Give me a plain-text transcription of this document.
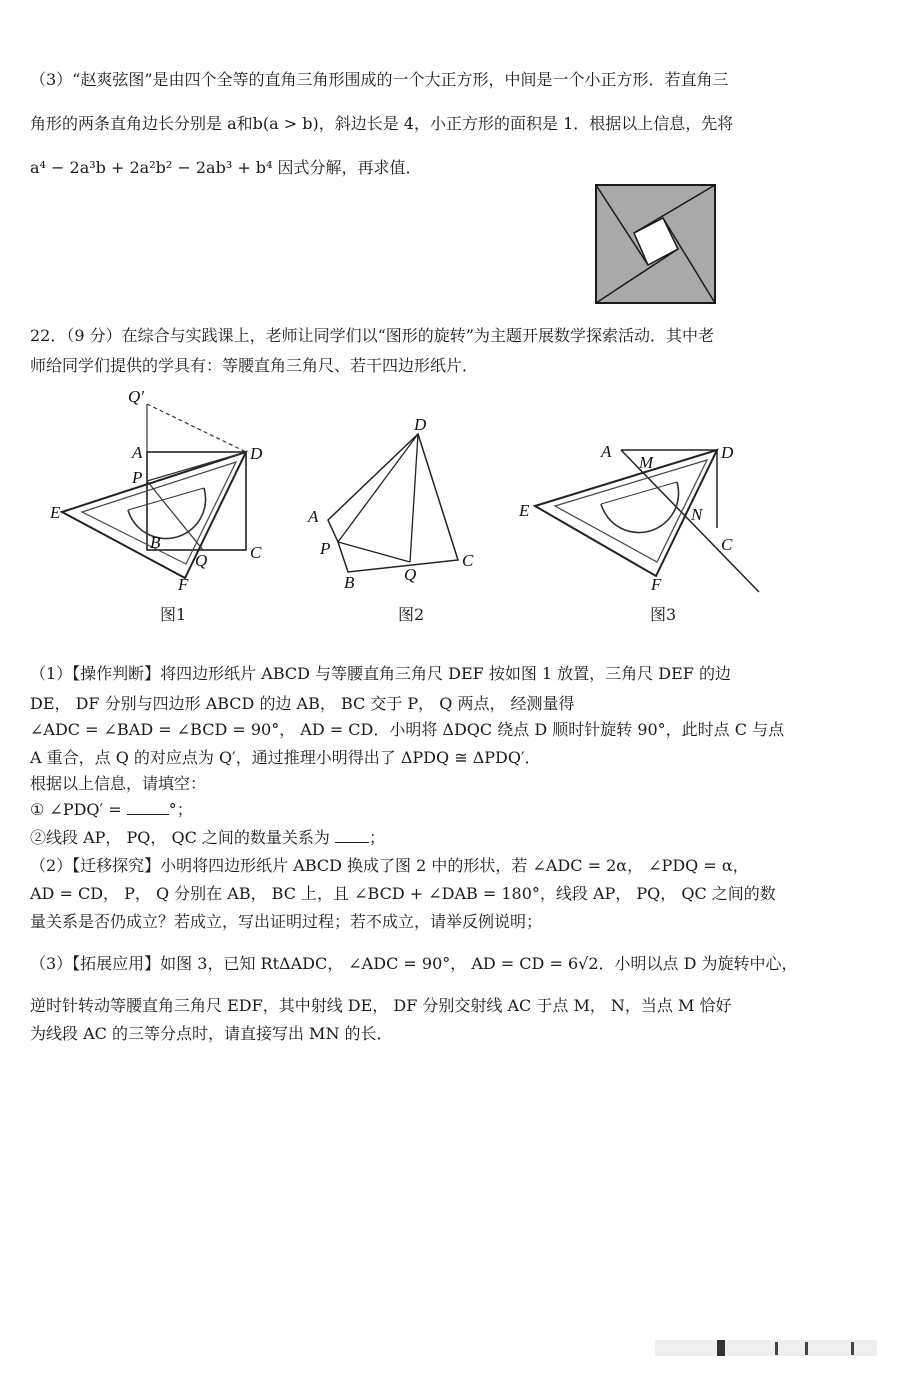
（3）“赵爽弦图”是由四个全等的直角三角形围成的一个大正方形，中间是一个小正方形．若直角三
角形的两条直角边长分别是 a和b(a > b)，斜边长是 4，小正方形的面积是 1．根据以上信息，先将
a⁴ − 2a³b + 2a²b² − 2ab³ + b⁴ 因式分解，再求值．
22．（9 分）在综合与实践课上，老师让同学们以“图形的旋转”为主题开展数学探索活动．其中老
师给同学们提供的学具有：等腰直角三角尺、若干四边形纸片．
Q′
A	D
P
E
B
Q	C
F
图1
D
A
P
B	Q
C
图2
A
M
D
E	N
C
F
图3
（1）【操作判断】将四边形纸片 ABCD 与等腰直角三角尺 DEF 按如图 1 放置，三角尺 DEF 的边
DE， DF 分别与四边形 ABCD 的边 AB， BC 交于 P， Q 两点， 经测量得
∠ADC = ∠BAD = ∠BCD = 90°， AD = CD．小明将 ΔDQC 绕点 D 顺时针旋转 90°，此时点 C 与点
A 重合，点 Q 的对应点为 Q′，通过推理小明得出了 ΔPDQ ≅ ΔPDQ′．
根据以上信息，请填空：
① ∠PDQ′ =	°；
②线段 AP， PQ， QC 之间的数量关系为 ；
（2）【迁移探究】小明将四边形纸片 ABCD 换成了图 2 中的形状，若 ∠ADC = 2α， ∠PDQ = α，
AD = CD， P， Q 分别在 AB， BC 上，且 ∠BCD + ∠DAB = 180°，线段 AP， PQ， QC 之间的数
量关系是否仍成立？若成立，写出证明过程；若不成立，请举反例说明；
（3）【拓展应用】如图 3，已知 RtΔADC， ∠ADC = 90°， AD = CD = 6√2．小明以点 D 为旋转中心，
逆时针转动等腰直角三角尺 EDF，其中射线 DE， DF 分别交射线 AC 于点 M， N，当点 M 恰好
为线段 AC 的三等分点时，请直接写出 MN 的长．
